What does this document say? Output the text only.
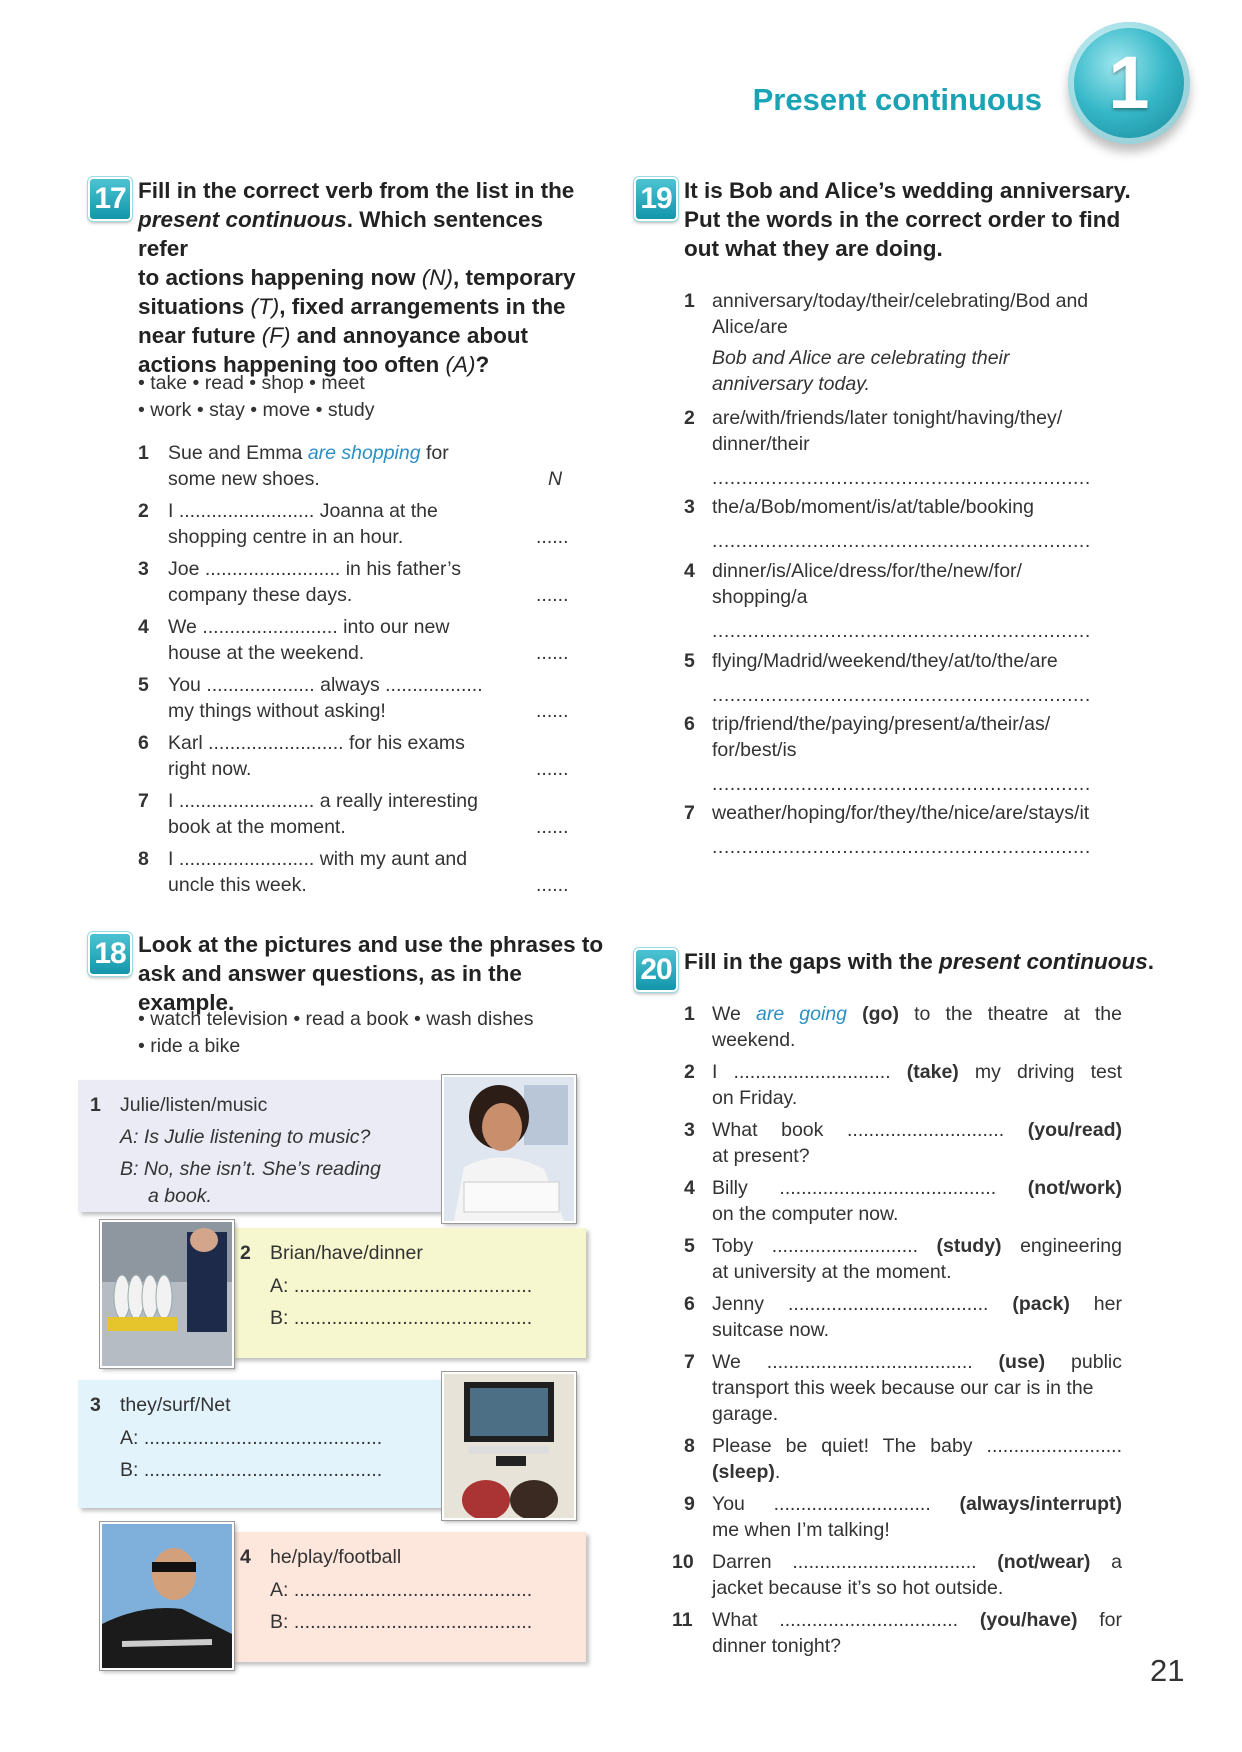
Present continuous 1
17 Fill in the correct verb from the list in the
present continuous. Which sentences refer
to actions happening now (N), temporary
situations (T), fixed arrangements in the
near future (F) and annoyance about
actions happening too often (A)?
• take • read • shop • meet
• work • stay • move • study
18 Look at the pictures and use the phrases to
ask and answer questions, as in the example.
• watch television • read a book • wash dishes
• ride a bike
1 Julie/listen/music
A: Is Julie listening to music?
B: No, she isn’t. She’s reading
a book.
2 Brian/have/dinner
A: ............................................
B: ............................................
3 they/surf/Net
A: ............................................
B: ............................................
4 he/play/football
A: ............................................
B: ............................................
19 It is Bob and Alice’s wedding anniversary.
Put the words in the correct order to find
out what they are doing.
20 Fill in the gaps with the present continuous.
21
1 Sue and Emma are shopping for
some new shoes.	N
2 I ......................... Joanna at the
shopping centre in an hour.	......
3 Joe ......................... in his father’s
company these days.	......
4 We ......................... into our new
house at the weekend.	......
5 You .................... always ..................
my things without asking!	......
6 Karl ......................... for his exams
right now.	......
7 I ......................... a really interesting
book at the moment.	......
8 I ......................... with my aunt and
uncle this week.	......
1 anniversary/today/their/celebrating/Bod and
Alice/are
Bob and Alice are celebrating their
anniversary today.
2 are/with/friends/later tonight/having/they/
dinner/their
................................................................
3 the/a/Bob/moment/is/at/table/booking
................................................................
4 dinner/is/Alice/dress/for/the/new/for/
shopping/a
................................................................
5 flying/Madrid/weekend/they/at/to/the/are
................................................................
6 trip/friend/the/paying/present/a/their/as/
for/best/is
................................................................
7 weather/hoping/for/they/the/nice/are/stays/it
................................................................
1 We are going (go) to the theatre at the
weekend.
2 I ............................. (take) my driving test
on Friday.
3 What book ............................. (you/read)
at present?
4 Billy ........................................ (not/work)
on the computer now.
5 Toby ........................... (study) engineering
at university at the moment.
6 Jenny ..................................... (pack) her
suitcase now.
7 We ...................................... (use) public
transport this week because our car is in the
garage.
8 Please be quiet! The baby .........................
(sleep).
9 You ............................. (always/interrupt)
me when I’m talking!
10 Darren .................................. (not/wear) a
jacket because it’s so hot outside.
11 What ................................. (you/have) for
dinner tonight?
